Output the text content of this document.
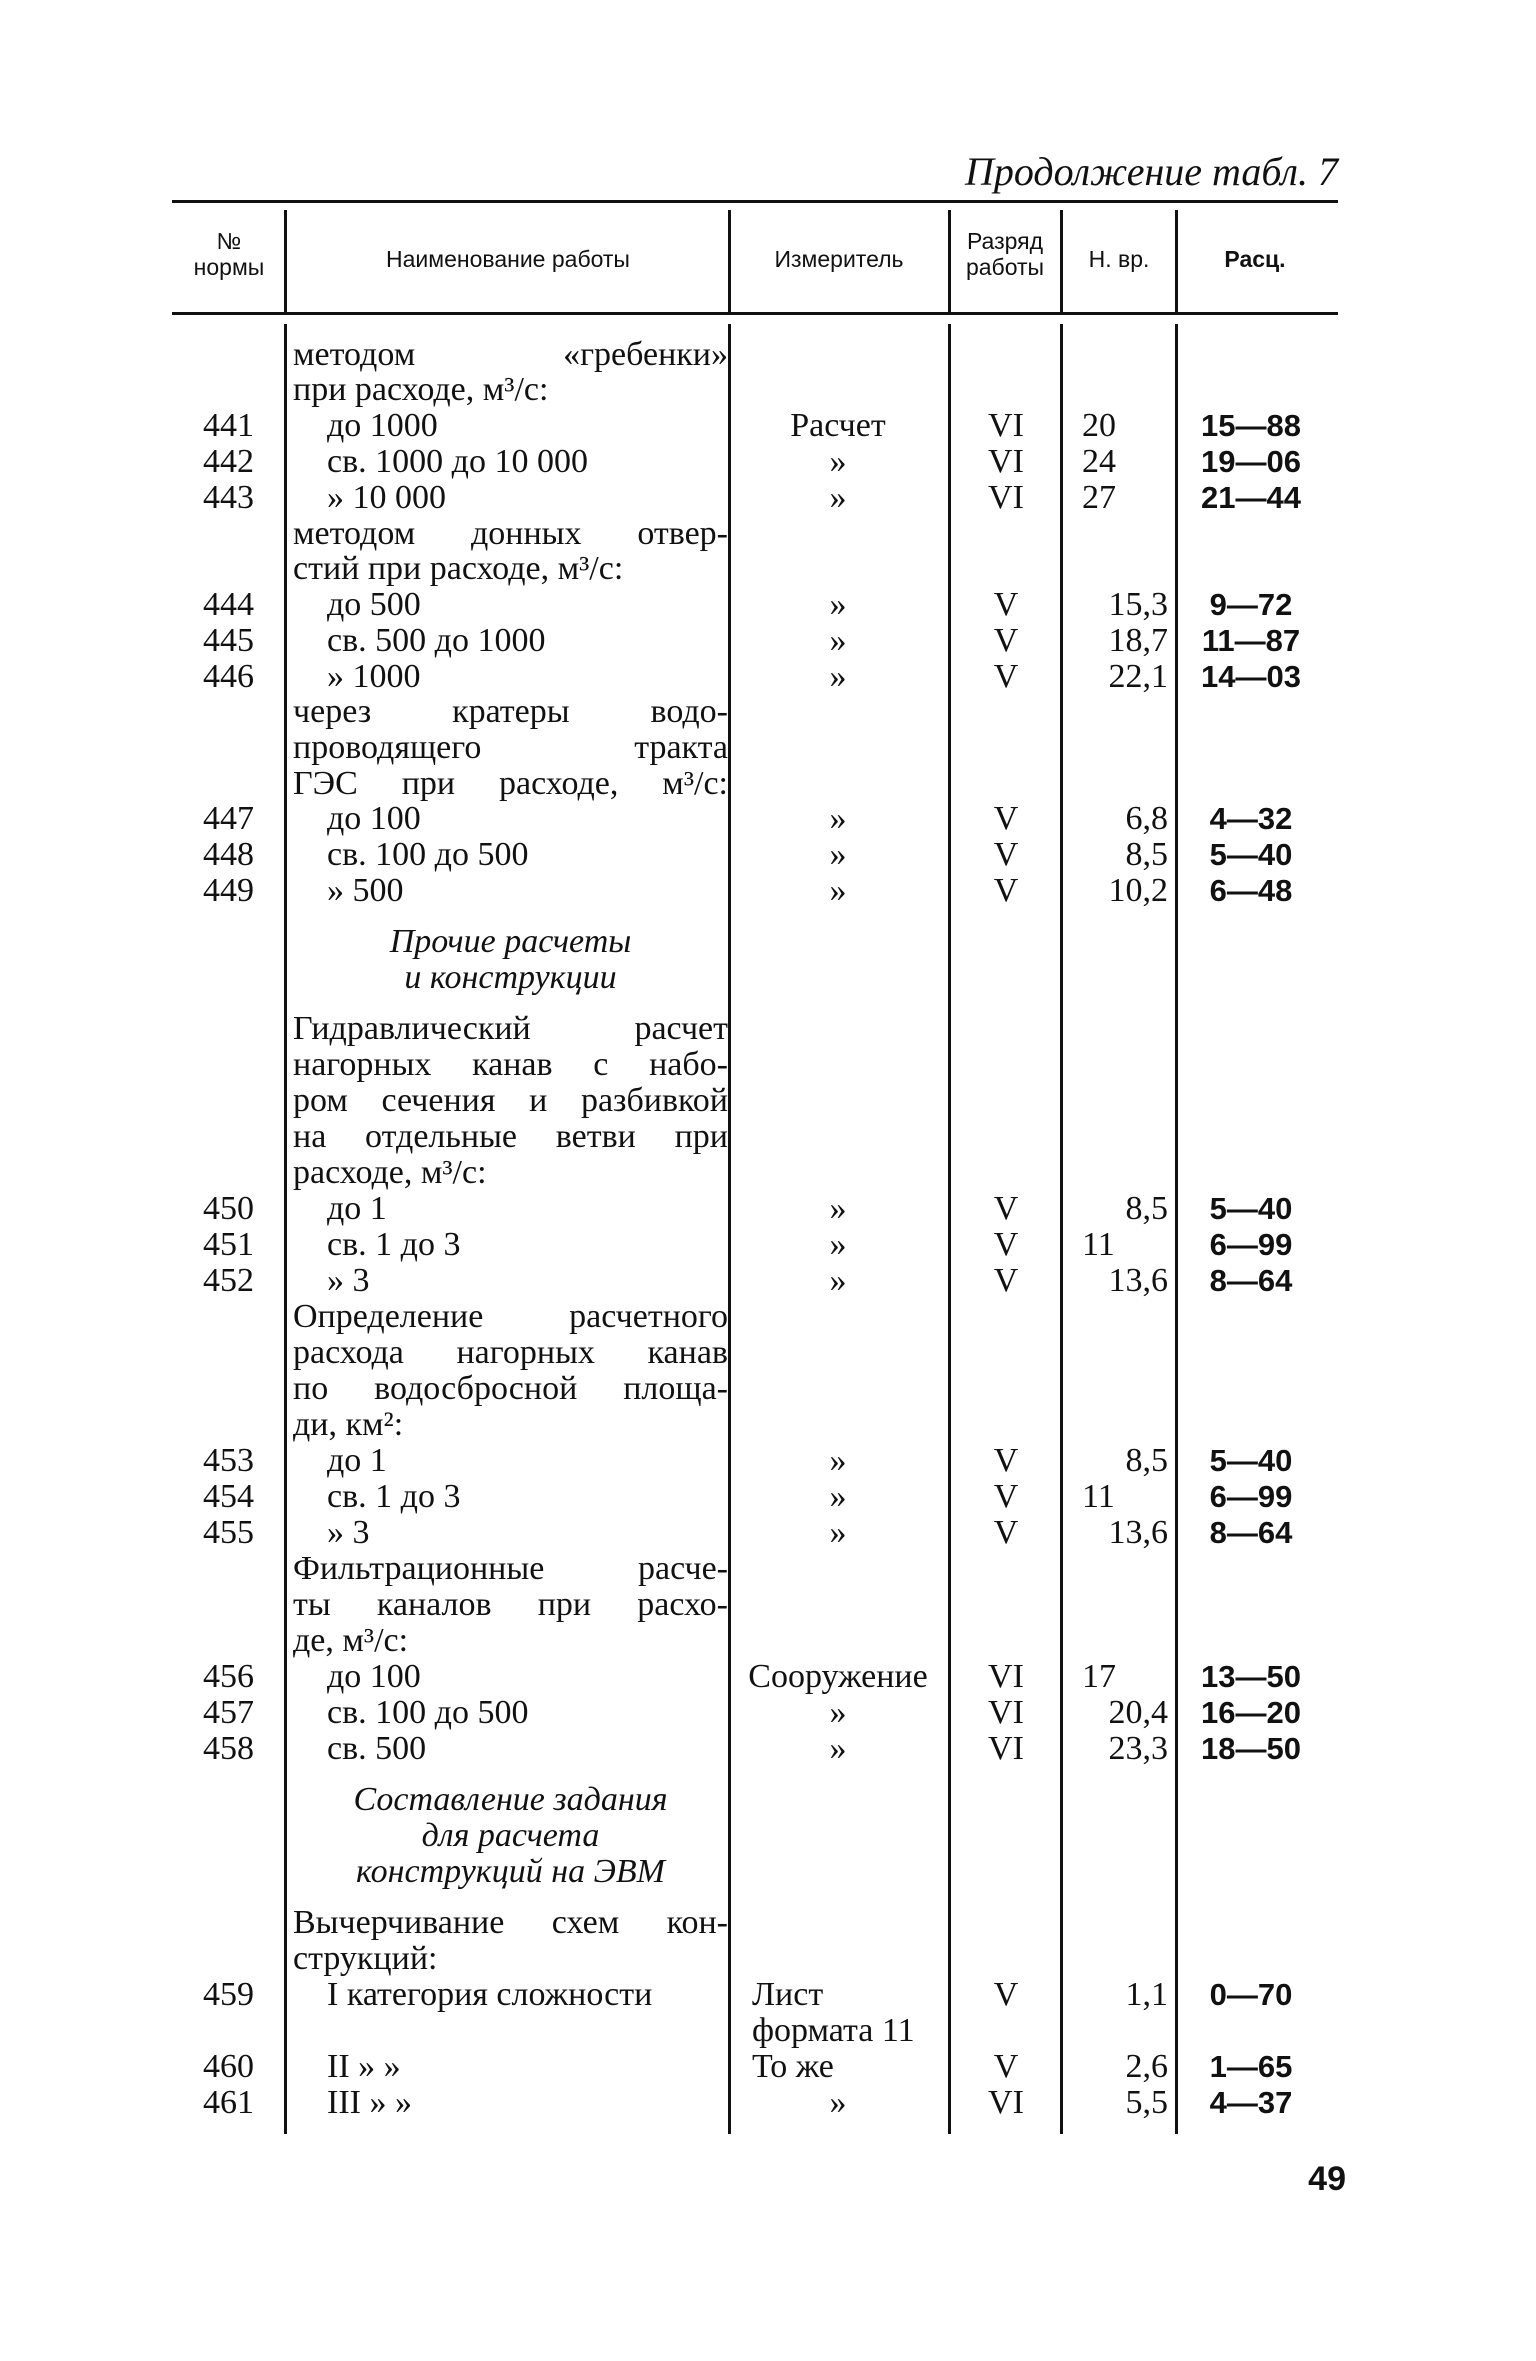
Продолжение табл. 7
№
нормы	Наименование работы	Измеритель
Разряд
работы	Н. вр.	Расц.
методом «гребенки»
при расходе, м³/с:
441	до 1000	Расчет	VI	20	15—88
442	св. 1000 до 10 000	»	VI	24	19—06
443	» 10 000	»	VI	27	21—44
методом донных отвер-
стий при расходе, м³/с:
444	до 500	»	V	15,3	9—72
445	св. 500 до 1000	»	V	18,7	11—87
446	» 1000	»	V	22,1	14—03
через кратеры водо-
проводящего тракта
ГЭС при расходе, м³/с:
447	до 100	»	V	6,8	4—32
448	св. 100 до 500	»	V	8,5	5—40
449	» 500	»	V	10,2	6—48
Прочие расчеты
и конструкции
Гидравлический расчет
нагорных канав с набо-
ром сечения и разбивкой
на отдельные ветви при
расходе, м³/с:
450	до 1	»	V	8,5	5—40
451	св. 1 до 3	»	V	11	6—99
452	» 3	»	V	13,6	8—64
Определение расчетного
расхода нагорных канав
по водосбросной площа-
ди, км²:
453	до 1	»	V	8,5	5—40
454	св. 1 до 3	»	V	11	6—99
455	» 3	»	V	13,6	8—64
Фильтрационные расче-
ты каналов при расхо-
де, м³/с:
456	до 100	Сооружение	VI	17	13—50
457	св. 100 до 500	»	VI	20,4	16—20
458	св. 500	»	VI	23,3	18—50
Составление задания
для расчета
конструкций на ЭВМ
Вычерчивание схем кон-
струкций:
459	I категория сложности	Лист	V	1,1	0—70
формата 11
460	II » »	То же	V	2,6	1—65
461	III » »	»	VI	5,5	4—37
49
